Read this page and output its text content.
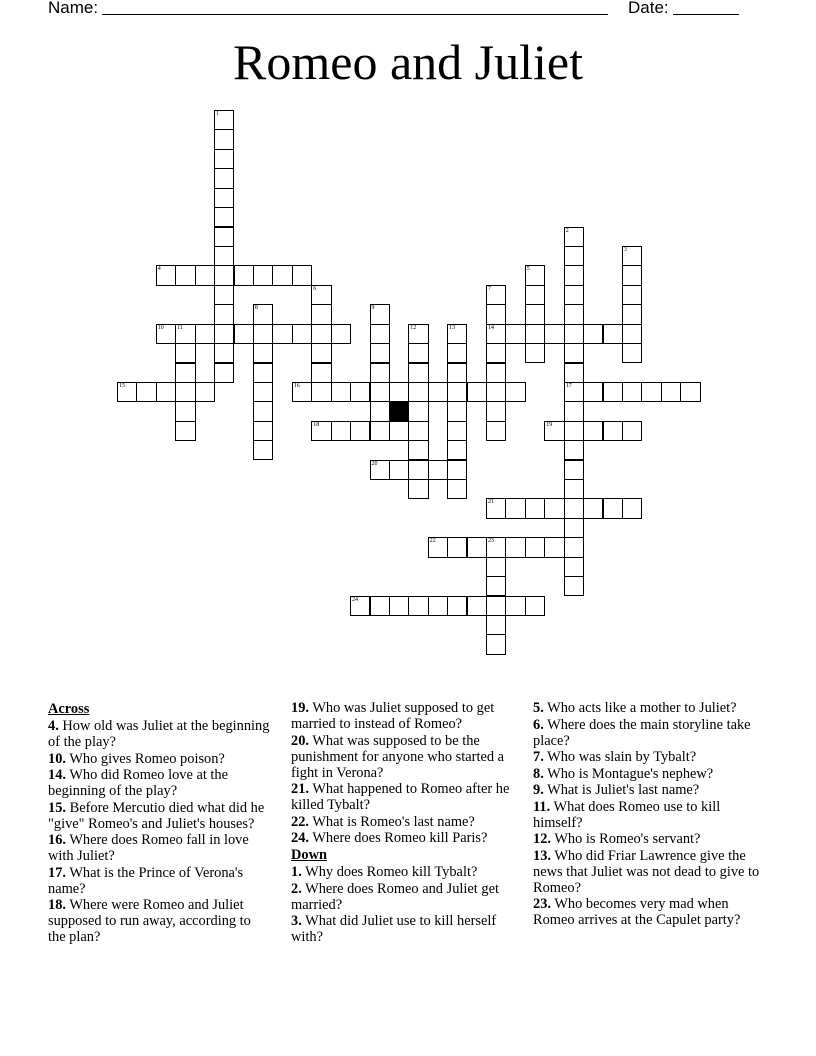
Name:

	Date:

Romeo and Juliet
1
2
17
3
4	5
6	7
14
8	9
10 11	12	13
15	16
18	19
20
21
22	23
24
Across
4. How old was Juliet at the beginning of the play?
10. Who gives Romeo poison?
14. Who did Romeo love at the beginning of the play?
15. Before Mercutio died what did he "give" Romeo's and Juliet's houses?
16. Where does Romeo fall in love with Juliet?
17. What is the Prince of Verona's name?
18. Where were Romeo and Juliet supposed to run away, according to the plan?
19. Who was Juliet supposed to get married to instead of Romeo?
20. What was supposed to be the punishment for anyone who started a fight in Verona?
21. What happened to Romeo after he killed Tybalt?
22. What is Romeo's last name?
24. Where does Romeo kill Paris?
Down
1. Why does Romeo kill Tybalt?
2. Where does Romeo and Juliet get married?
3. What did Juliet use to kill herself with?
5. Who acts like a mother to Juliet?
6. Where does the main storyline take place?
7. Who was slain by Tybalt?
8. Who is Montague's nephew?
9. What is Juliet's last name?
11. What does Romeo use to kill himself?
12. Who is Romeo's servant?
13. Who did Friar Lawrence give the news that Juliet was not dead to give to Romeo?
23. Who becomes very mad when Romeo arrives at the Capulet party?
